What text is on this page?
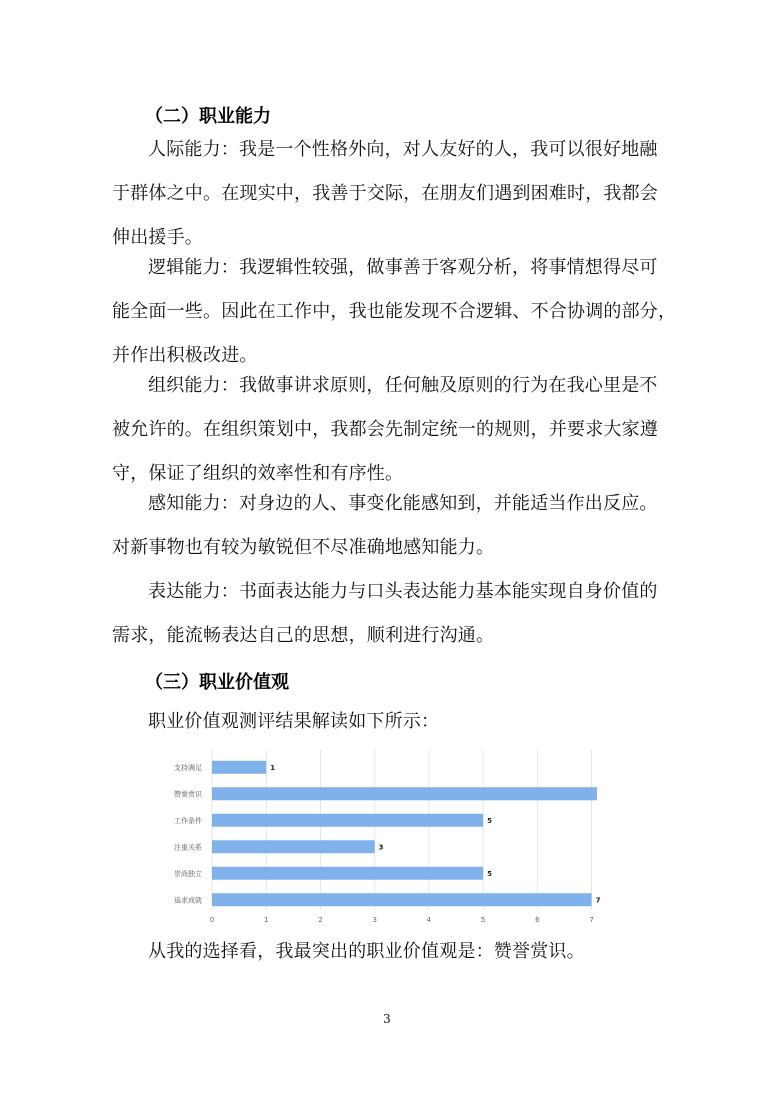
（二）职业能力

人际能力：我是一个性格外向，对人友好的人，我可以很好地融
于群体之中。在现实中，我善于交际，在朋友们遇到困难时，我都会
伸出援手。

逻辑能力：我逻辑性较强，做事善于客观分析，将事情想得尽可
能全面一些。因此在工作中，我也能发现不合逻辑、不合协调的部分，
并作出积极改进。

组织能力：我做事讲求原则，任何触及原则的行为在我心里是不
被允许的。在组织策划中，我都会先制定统一的规则，并要求大家遵
守，保证了组织的效率性和有序性。

感知能力：对身边的人、事变化能感知到，并能适当作出反应。
对新事物也有较为敏锐但不尽准确地感知能力。

表达能力：书面表达能力与口头表达能力基本能实现自身价值的
需求，能流畅表达自己的思想，顺利进行沟通。

（三）职业价值观

职业价值观测评结果解读如下所示：

0	1	2	3	4	5	6	7
支持满足	1
赞誉赏识
工作条件	5
注重关系	3
崇尚独立	5
追求成就	7

从我的选择看，我最突出的职业价值观是：赞誉赏识。

3
